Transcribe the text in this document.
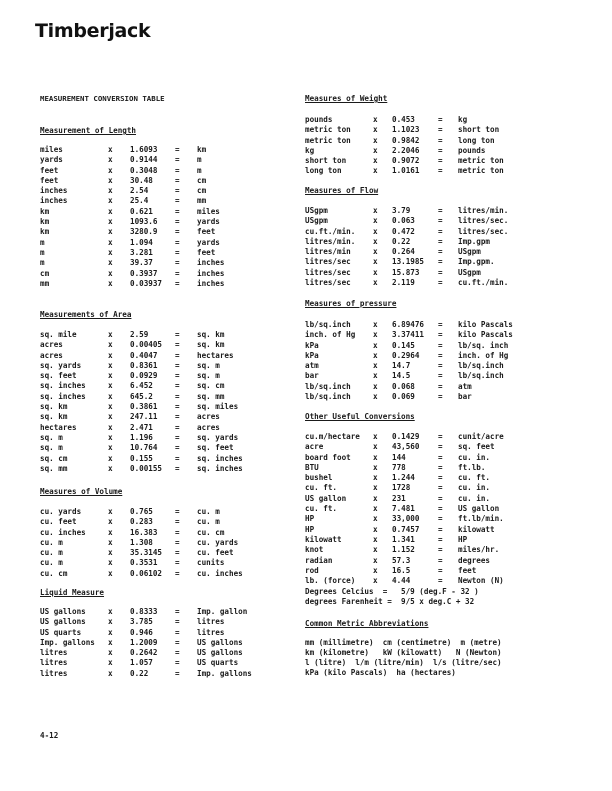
Timberjack
MEASUREMENT CONVERSION TABLE
Measurement of Length
miles	x 1.6093 = km
yards	x 0.9144 = m
feet	x 0.3048 = m
feet	x 30.48	= cm
inches	x 2.54	= cm
inches	x 25.4	= mm
km	x 0.621	= miles
km	x 1093.6 = yards
km	x 3280.9 = feet
m	x 1.094	= yards
m	x 3.281	= feet
m	x 39.37	= inches
cm	x 0.3937 = inches
mm	x 0.03937 = inches
Measurements of Area
sq. mile	x 2.59	= sq. km
acres	x 0.00405 = sq. km
acres	x 0.4047 = hectares
sq. yards	x 0.8361 = sq. m
sq. feet	x 0.0929 = sq. m
sq. inches	x 6.452	= sq. cm
sq. inches	x 645.2	= sq. mm
sq. km	x 0.3861 = sq. miles
sq. km	x 247.11 = acres
hectares	x 2.471	= acres
sq. m	x 1.196	= sq. yards
sq. m	x 10.764 = sq. feet
sq. cm	x 0.155	= sq. inches
sq. mm	x 0.00155 = sq. inches
Measures of Volume
cu. yards	x 0.765	= cu. m
cu. feet	x 0.283	= cu. m
cu. inches	x 16.383 = cu. cm
cu. m	x 1.308	= cu. yards
cu. m	x 35.3145 = cu. feet
cu. m	x 0.3531 = cunits
cu. cm	x 0.06102 = cu. inches
Liquid Measure
US gallons	x 0.8333 = Imp. gallon
US gallons	x 3.785	= litres
US quarts	x 0.946	= litres
Imp. gallons x 1.2009 = US gallons
litres	x 0.2642 = US gallons
litres	x 1.057	= US quarts
litres	x 0.22	= Imp. gallons
Measures of Weight
pounds	x 0.453	= kg
metric ton	x 1.1023 = short ton
metric ton	x 0.9842 = long ton
kg	x 2.2046 = pounds
short ton	x 0.9072 = metric ton
long ton	x 1.0161 = metric ton
Measures of Flow
USgpm	x 3.79	= litres/min.
USgpm	x 0.063	= litres/sec.
cu.ft./min. x 0.472	= litres/sec.
litres/min. x 0.22	= Imp.gpm
litres/min	x 0.264	= USgpm
litres/sec	x 13.1985 = Imp.gpm.
litres/sec	x 15.873 = USgpm
litres/sec	x 2.119	= cu.ft./min.
Measures of pressure
lb/sq.inch	x 6.89476 = kilo Pascals
inch. of Hg x 3.37411 = kilo Pascals
kPa	x 0.145	= lb/sq. inch
kPa	x 0.2964 = inch. of Hg
atm	x 14.7	= lb/sq.inch
bar	x 14.5	= lb/sq.inch
lb/sq.inch	x 0.068	= atm
lb/sq.inch	x 0.069	= bar
Other Useful Conversions
cu.m/hectare x 0.1429 = cunit/acre
acre	x 43,560 = sq. feet
board foot	x 144	= cu. in.
BTU	x 778	= ft.lb.
bushel	x 1.244	= cu. ft.
cu. ft.	x 1728	= cu. in.
US gallon	x 231	= cu. in.
cu. ft.	x 7.481	= US gallon
HP	x 33,000 = ft.lb/min.
HP	x 0.7457 = kilowatt
kilowatt	x 1.341	= HP
knot	x 1.152	= miles/hr.
radian	x 57.3	= degrees
rod	x 16.5	= feet
lb. (force) x 4.44	= Newton (N)
Degrees Celcius  =   5/9 (deg.F - 32 )
degrees Farenheit =  9/5 x deg.C + 32
Common Metric Abbreviations
mm (millimetre)  cm (centimetre)  m (metre)
km (kilometre)   kW (kilowatt)   N (Newton)
l (litre)  l/m (litre/min)  l/s (litre/sec)
kPa (kilo Pascals)  ha (hectares)
4-12
